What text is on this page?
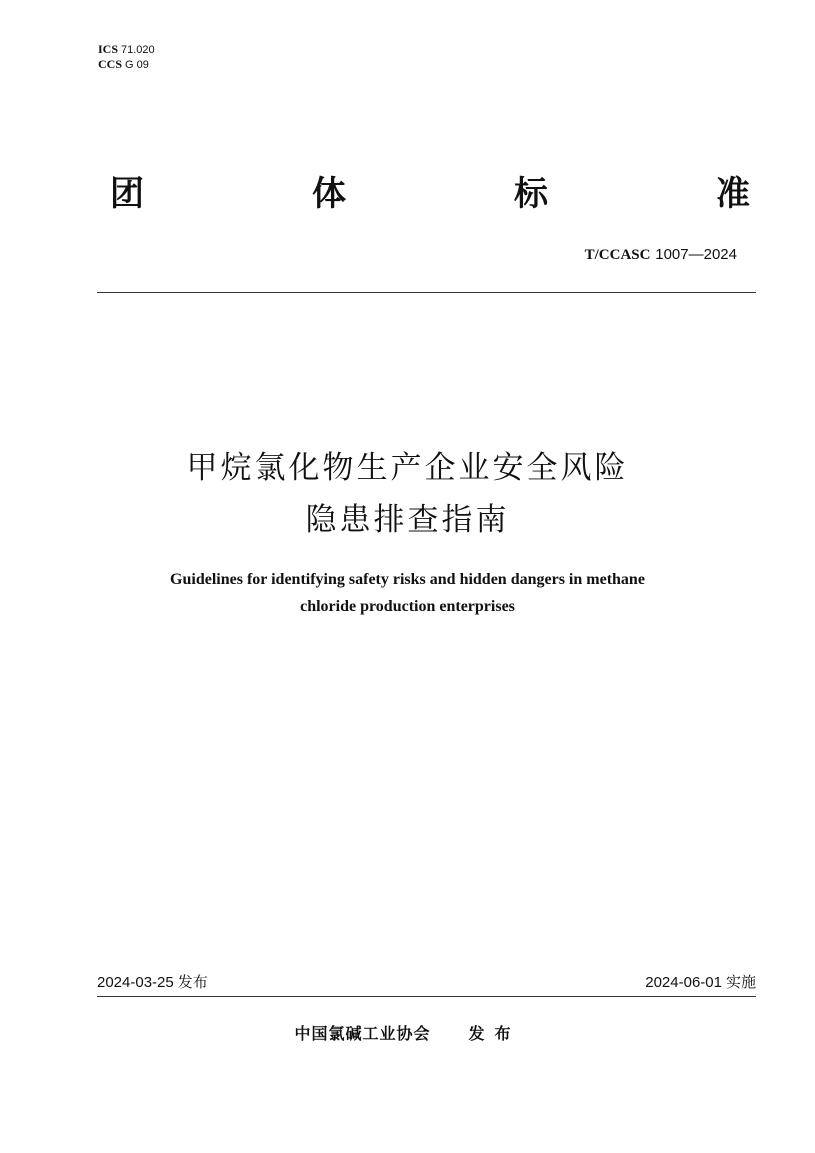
ICS 71.020
CCS G 09
团	体	标	准
T/CCASC 1007—2024
甲烷氯化物生产企业安全风险
隐患排查指南
Guidelines for identifying safety risks and hidden dangers in methane
chloride production enterprises
2024-03-25 发布	2024-06-01 实施
中国氯碱工业协会 发布
